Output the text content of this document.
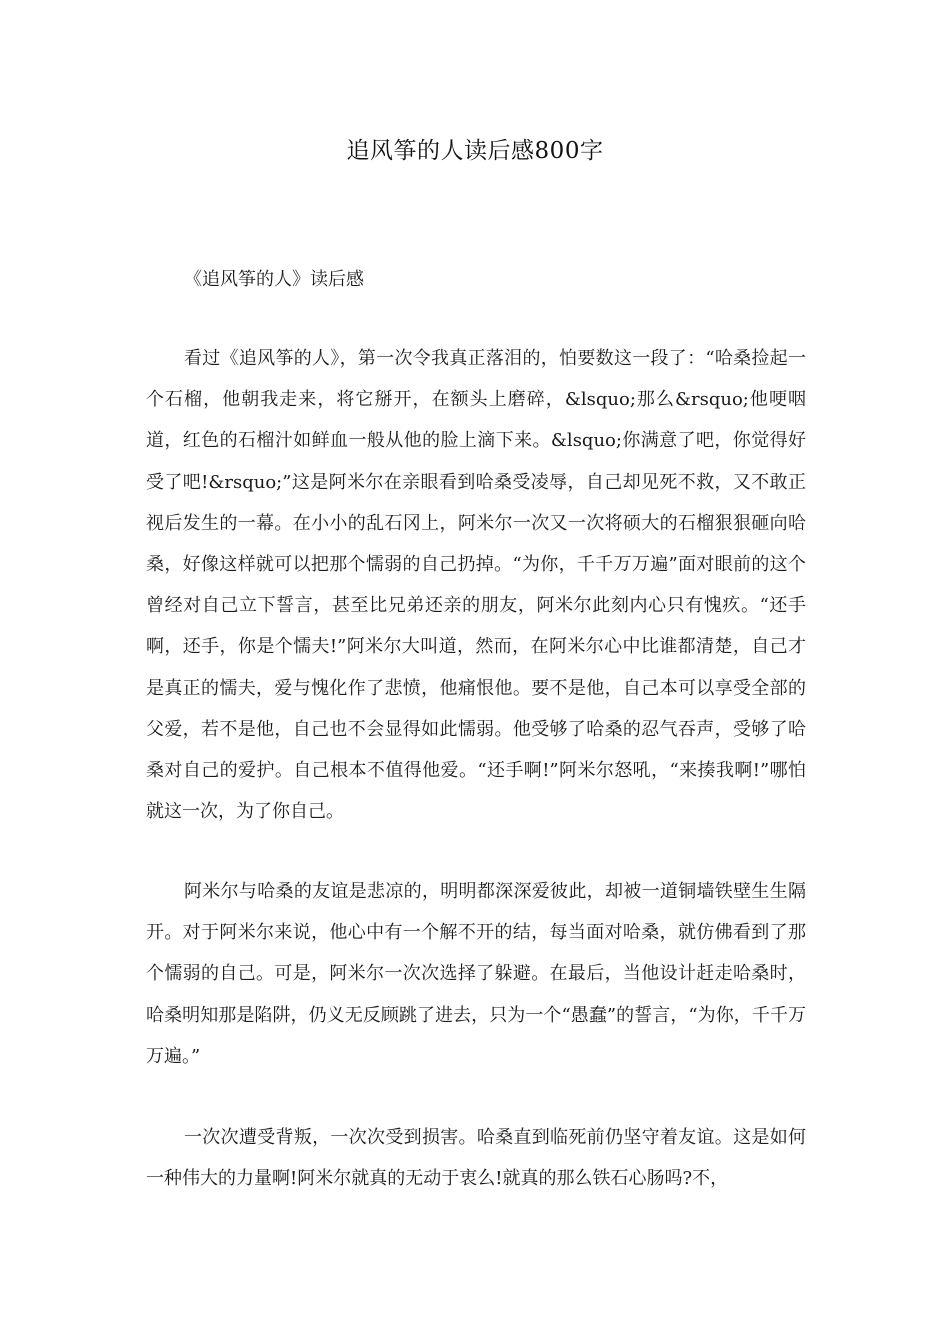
追风筝的人读后感800字
《追风筝的人》读后感

看过《追风筝的人》，第一次令我真正落泪的，怕要数这一段了：“哈桑捡起一个石榴，他朝我走来，将它掰开，在额头上磨碎，&lsquo;那么&rsquo;他哽咽道，红色的石榴汁如鲜血一般从他的脸上滴下来。&lsquo;你满意了吧，你觉得好受了吧!&rsquo;”这是阿米尔在亲眼看到哈桑受凌辱，自己却见死不救，又不敢正视后发生的一幕。在小小的乱石冈上，阿米尔一次又一次将硕大的石榴狠狠砸向哈桑，好像这样就可以把那个懦弱的自己扔掉。“为你，千千万万遍”面对眼前的这个曾经对自己立下誓言，甚至比兄弟还亲的朋友，阿米尔此刻内心只有愧疚。“还手啊，还手，你是个懦夫!”阿米尔大叫道，然而，在阿米尔心中比谁都清楚，自己才是真正的懦夫，爱与愧化作了悲愤，他痛恨他。要不是他，自己本可以享受全部的父爱，若不是他，自己也不会显得如此懦弱。他受够了哈桑的忍气吞声，受够了哈桑对自己的爱护。自己根本不值得他爱。“还手啊!”阿米尔怒吼，“来揍我啊!”哪怕就这一次，为了你自己。

阿米尔与哈桑的友谊是悲凉的，明明都深深爱彼此，却被一道铜墙铁壁生生隔开。对于阿米尔来说，他心中有一个解不开的结，每当面对哈桑，就仿佛看到了那个懦弱的自己。可是，阿米尔一次次选择了躲避。在最后，当他设计赶走哈桑时，哈桑明知那是陷阱，仍义无反顾跳了进去，只为一个“愚蠢”的誓言，“为你，千千万万遍。”

一次次遭受背叛，一次次受到损害。哈桑直到临死前仍坚守着友谊。这是如何一种伟大的力量啊!阿米尔就真的无动于衷么!就真的那么铁石心肠吗?不，
